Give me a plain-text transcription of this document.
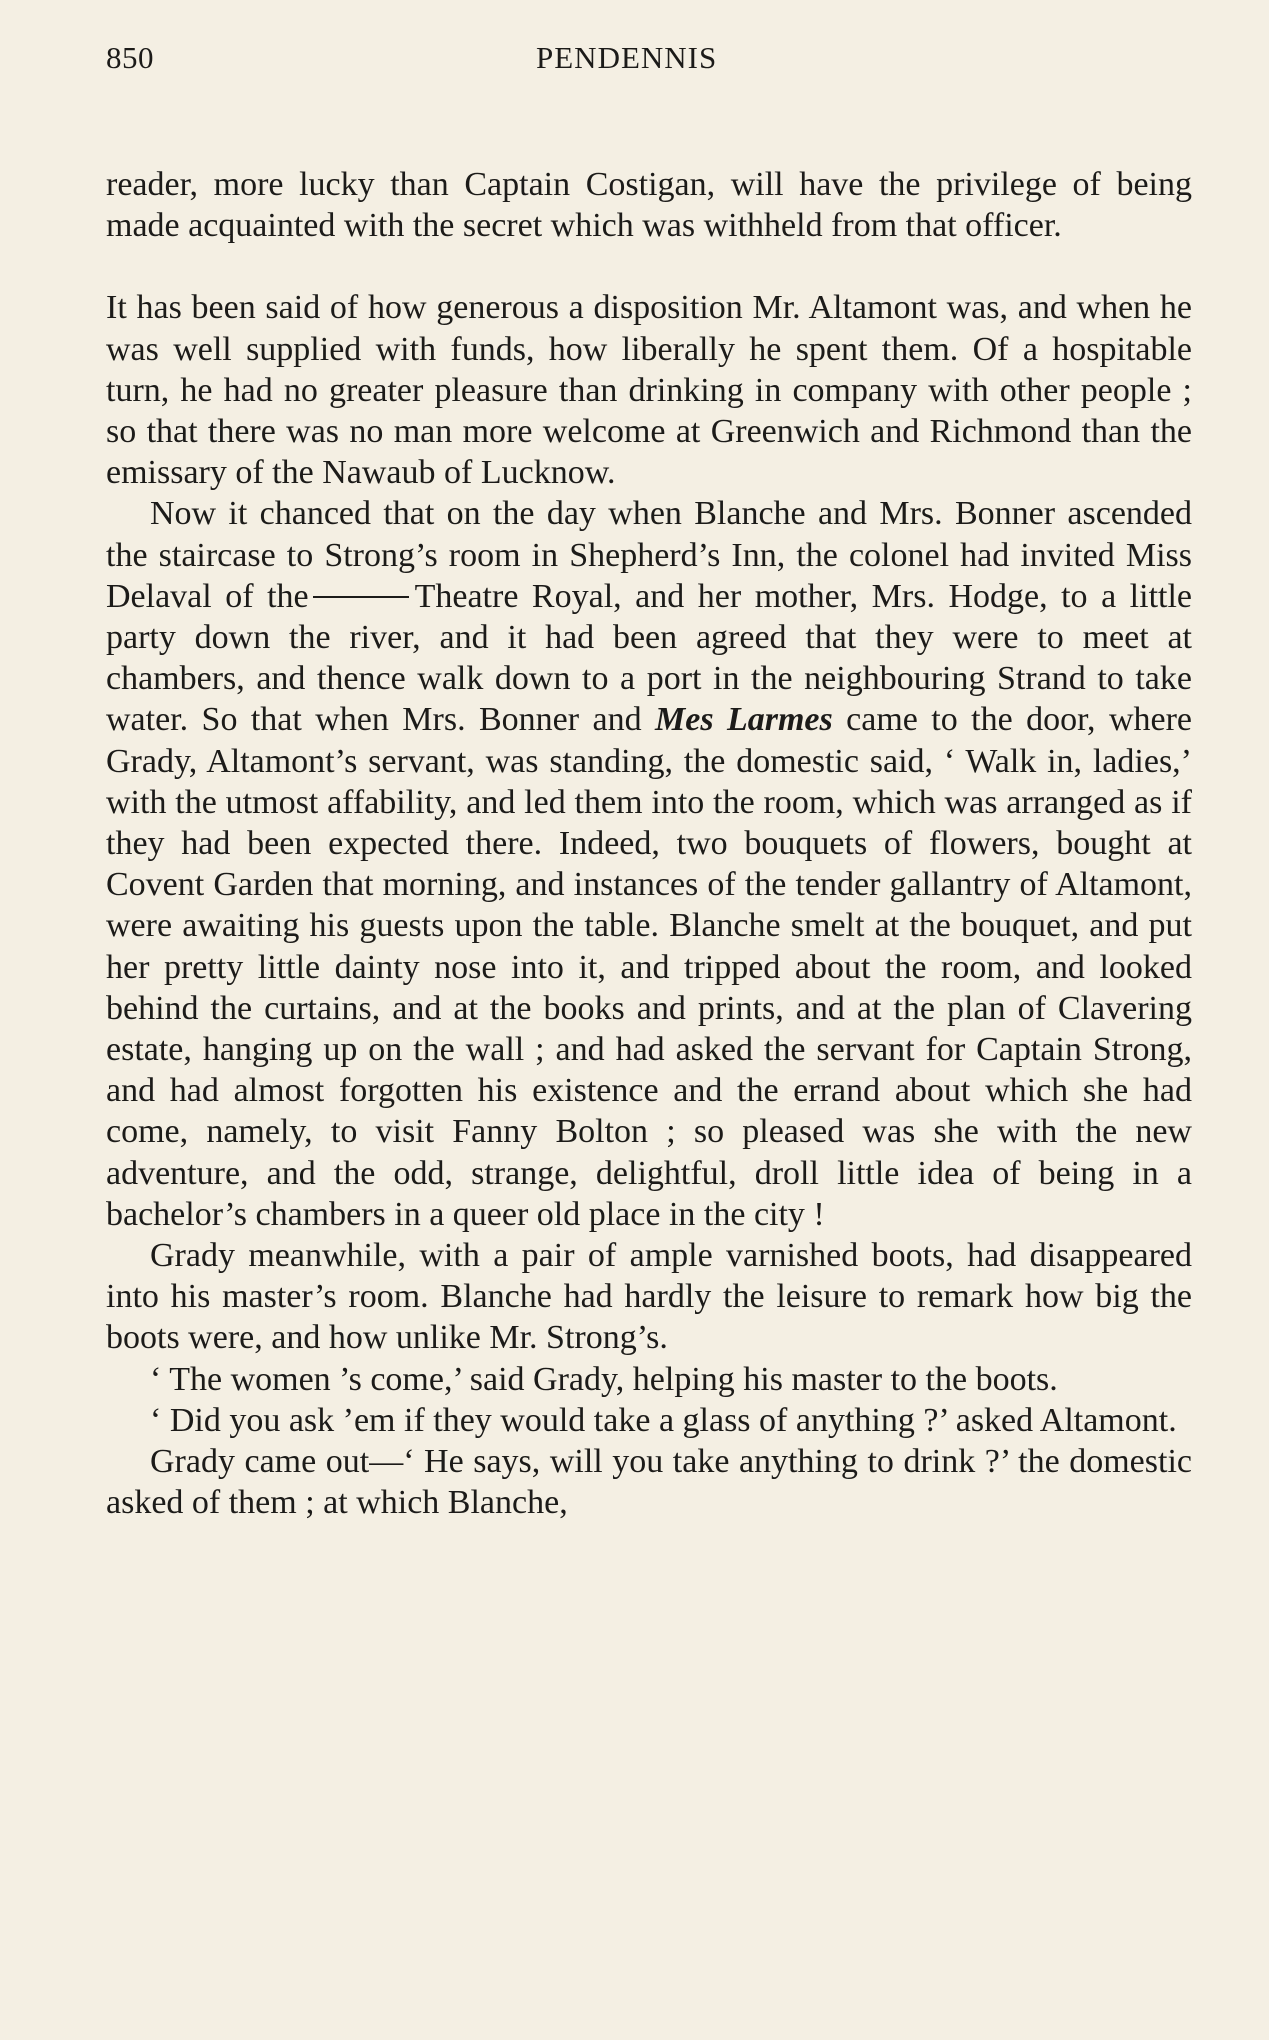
850	PENDENNIS

reader, more lucky than Captain Costigan, will have the privilege of being made acquainted with the secret which was withheld from that officer.

It has been said of how generous a disposition Mr. Altamont was, and when he was well supplied with funds, how liberally he spent them. Of a hospitable turn, he had no greater pleasure than drinking in company with other people ; so that there was no man more welcome at Greenwich and Richmond than the emissary of the Nawaub of Lucknow.

Now it chanced that on the day when Blanche and Mrs. Bonner ascended the staircase to Strong’s room in Shepherd’s Inn, the colonel had invited Miss Delaval of the	Theatre Royal, and her mother, Mrs. Hodge, to a little party down the river, and it had been agreed that they were to meet at chambers, and thence walk down to a port in the neighbouring Strand to take water. So that when Mrs. Bonner and Mes Larmes came to the door, where Grady, Altamont’s servant, was standing, the domestic said, ‘ Walk in, ladies,’ with the utmost affability, and led them into the room, which was arranged as if they had been expected there. Indeed, two bouquets of flowers, bought at Covent Garden that morning, and instances of the tender gallantry of Altamont, were awaiting his guests upon the table. Blanche smelt at the bouquet, and put her pretty little dainty nose into it, and tripped about the room, and looked behind the curtains, and at the books and prints, and at the plan of Clavering estate, hanging up on the wall ; and had asked the servant for Captain Strong, and had almost forgotten his existence and the errand about which she had come, namely, to visit Fanny Bolton ; so pleased was she with the new adventure, and the odd, strange, delightful, droll little idea of being in a bachelor’s chambers in a queer old place in the city !

Grady meanwhile, with a pair of ample varnished boots, had disappeared into his master’s room. Blanche had hardly the leisure to remark how big the boots were, and how unlike Mr. Strong’s.

‘ The women ’s come,’ said Grady, helping his master to the boots.

‘ Did you ask ’em if they would take a glass of anything ?’ asked Altamont.

Grady came out—‘ He says, will you take anything to drink ?’ the domestic asked of them ; at which Blanche,
